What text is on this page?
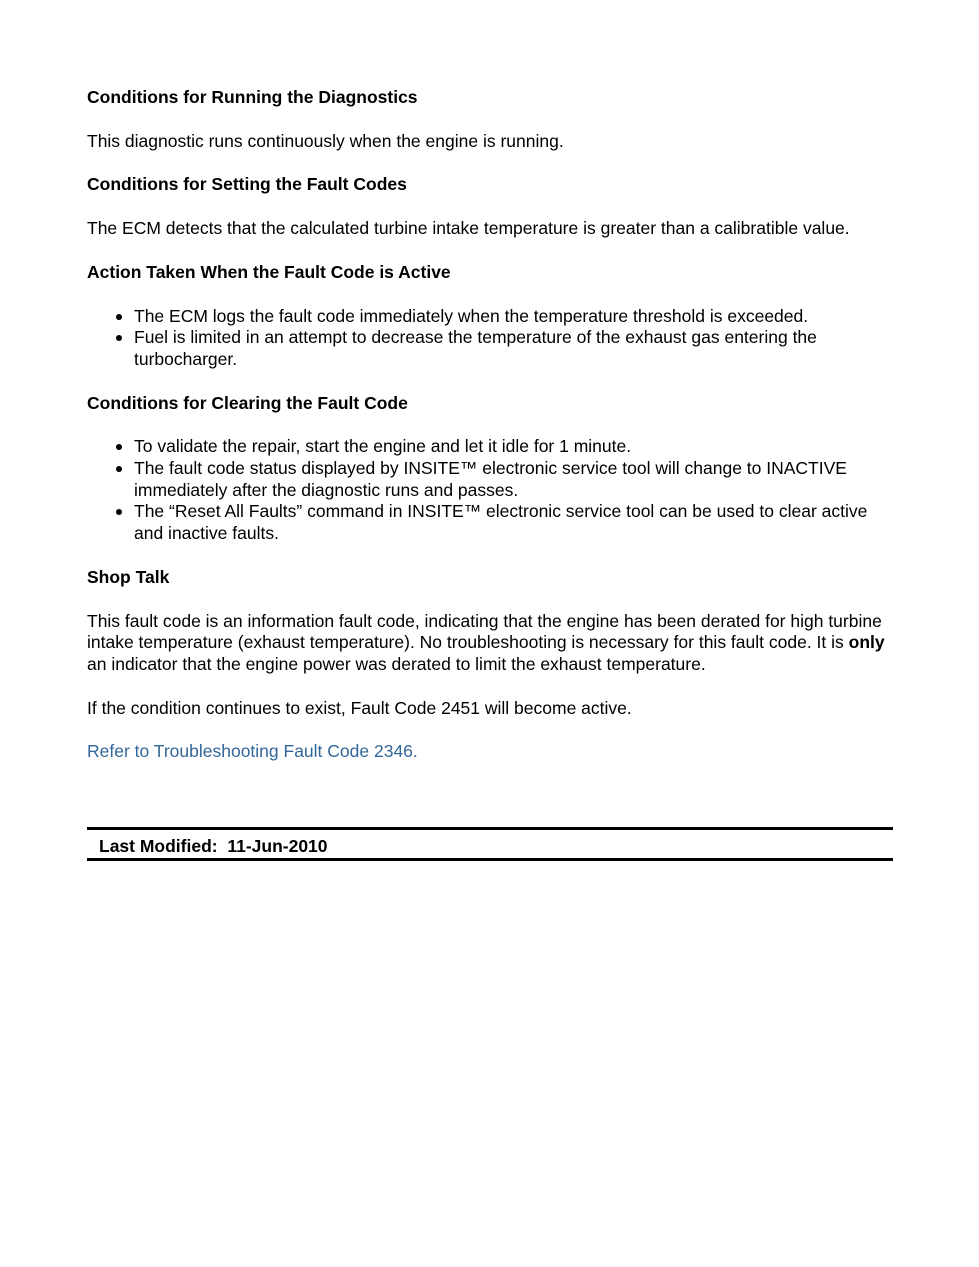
Conditions for Running the Diagnostics
This diagnostic runs continuously when the engine is running.
Conditions for Setting the Fault Codes
The ECM detects that the calculated turbine intake temperature is greater than a calibratible value.
Action Taken When the Fault Code is Active
The ECM logs the fault code immediately when the temperature threshold is exceeded.
Fuel is limited in an attempt to decrease the temperature of the exhaust gas entering the turbocharger.
Conditions for Clearing the Fault Code
To validate the repair, start the engine and let it idle for 1 minute.
The fault code status displayed by INSITE™ electronic service tool will change to INACTIVE immediately after the diagnostic runs and passes.
The “Reset All Faults” command in INSITE™ electronic service tool can be used to clear active and inactive faults.
Shop Talk
This fault code is an information fault code, indicating that the engine has been derated for high turbine intake temperature (exhaust temperature). No troubleshooting is necessary for this fault code. It is only an indicator that the engine power was derated to limit the exhaust temperature.
If the condition continues to exist, Fault Code 2451 will become active.
Refer to Troubleshooting Fault Code 2346.
Last Modified:  11-Jun-2010
